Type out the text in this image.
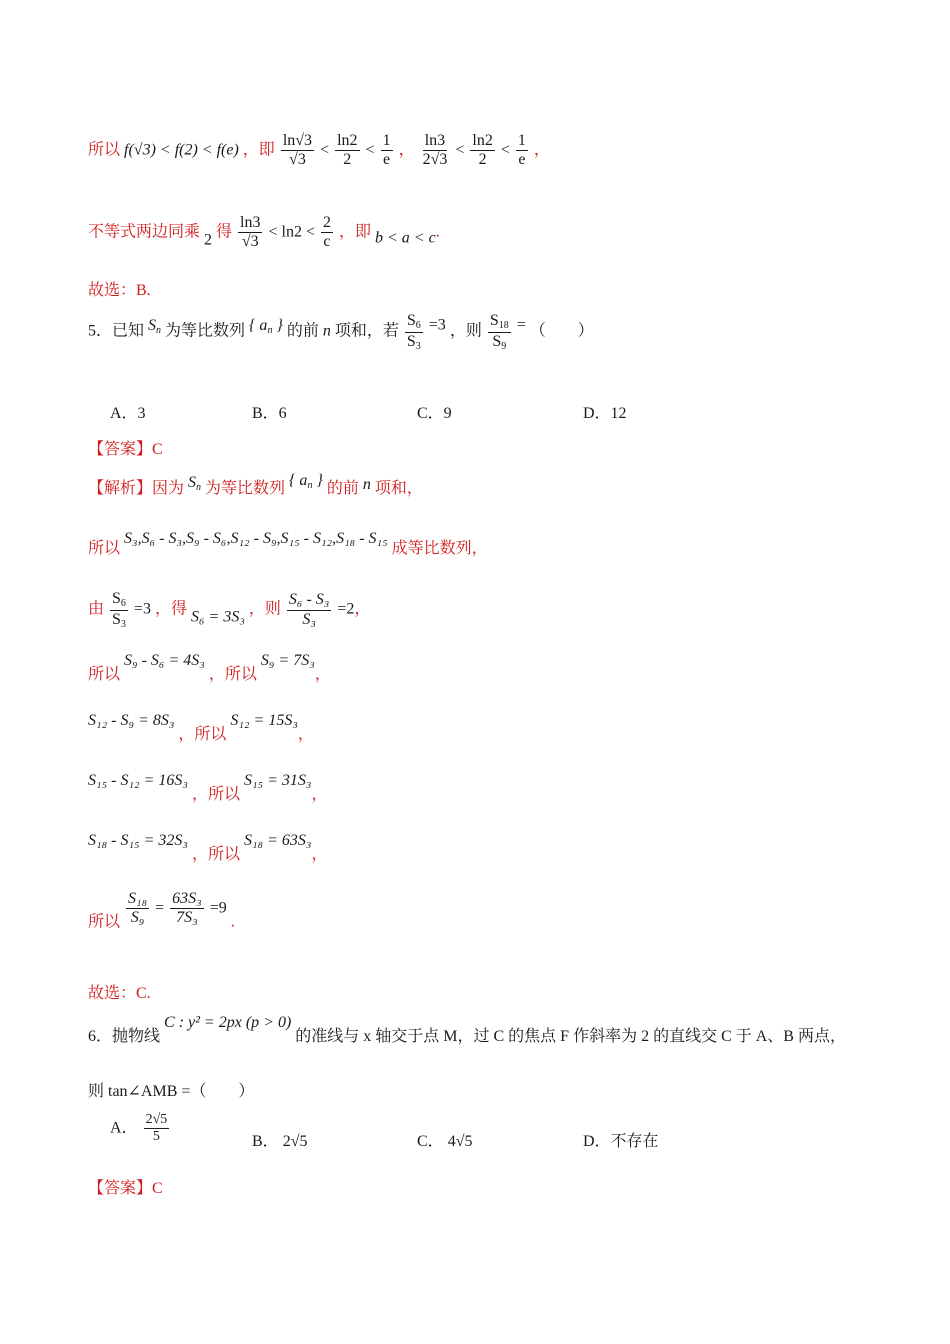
所以 f(√3) < f(2) < f(e) ，即 $\frac{\ln√3}{√3} < \frac{\ln 2}{2} < \frac{1}{e}$ ， $\frac{\ln 3}{2√3} < \frac{\ln 2}{2} < \frac{1}{e}$ ，
不等式两边同乘 2 得 $\frac{\ln 3}{√3} < \ln 2 < \frac{2}{c}$ ，即 b < a < c.
故选：B.
5．已知 $S_n$ 为等比数列 { $a_n$ } 的前 n 项和，若 $\frac{S_6}{S_3} =3$ ，则 $\frac{S_{18}}{S_9}$ = （　　）
A．3	B．6	C．9	D．12
【答案】C
【解析】因为 $S_n$ 为等比数列 { $a_n$ } 的前 n 项和，
所以 S₃,S₆ - S₃,S₉ - S₆,S₁₂ - S₉,S₁₅ - S₁₂,S₁₈ - S₁₅ 成等比数列，
由 $\frac{S_6}{S_3} =3$ ，得 S₆ = 3S₃ ，则 $\frac{\text{S₆ - S₃}}{\text{S₃}} =2$，
所以 S₉ - S₆ = 4S₃ ，所以 S₉ = 7S₃，
S₁₂ - S₉ = 8S₃ ，所以 S₁₂ = 15S₃，
S₁₅ - S₁₂ = 16S₃ ，所以 S₁₅ = 31S₃，
S₁₈ - S₁₅ = 32S₃ ，所以 S₁₈ = 63S₃，
所以 $\frac{\text{S₁₈}}{\text{S₉}} = \frac{\text{63S₃}}{\text{7S₃}} =9$ .
故选：C.
6．抛物线 C : y² = 2px (p > 0) 的准线与 x 轴交于点 M，过 C 的焦点 F 作斜率为 2 的直线交 C 于 A、B 两点，
则 tan∠AMB =（　　）
A． $\frac{2√5}{5}$	B． 2√5	C． 4√5	D．不存在
【答案】C
